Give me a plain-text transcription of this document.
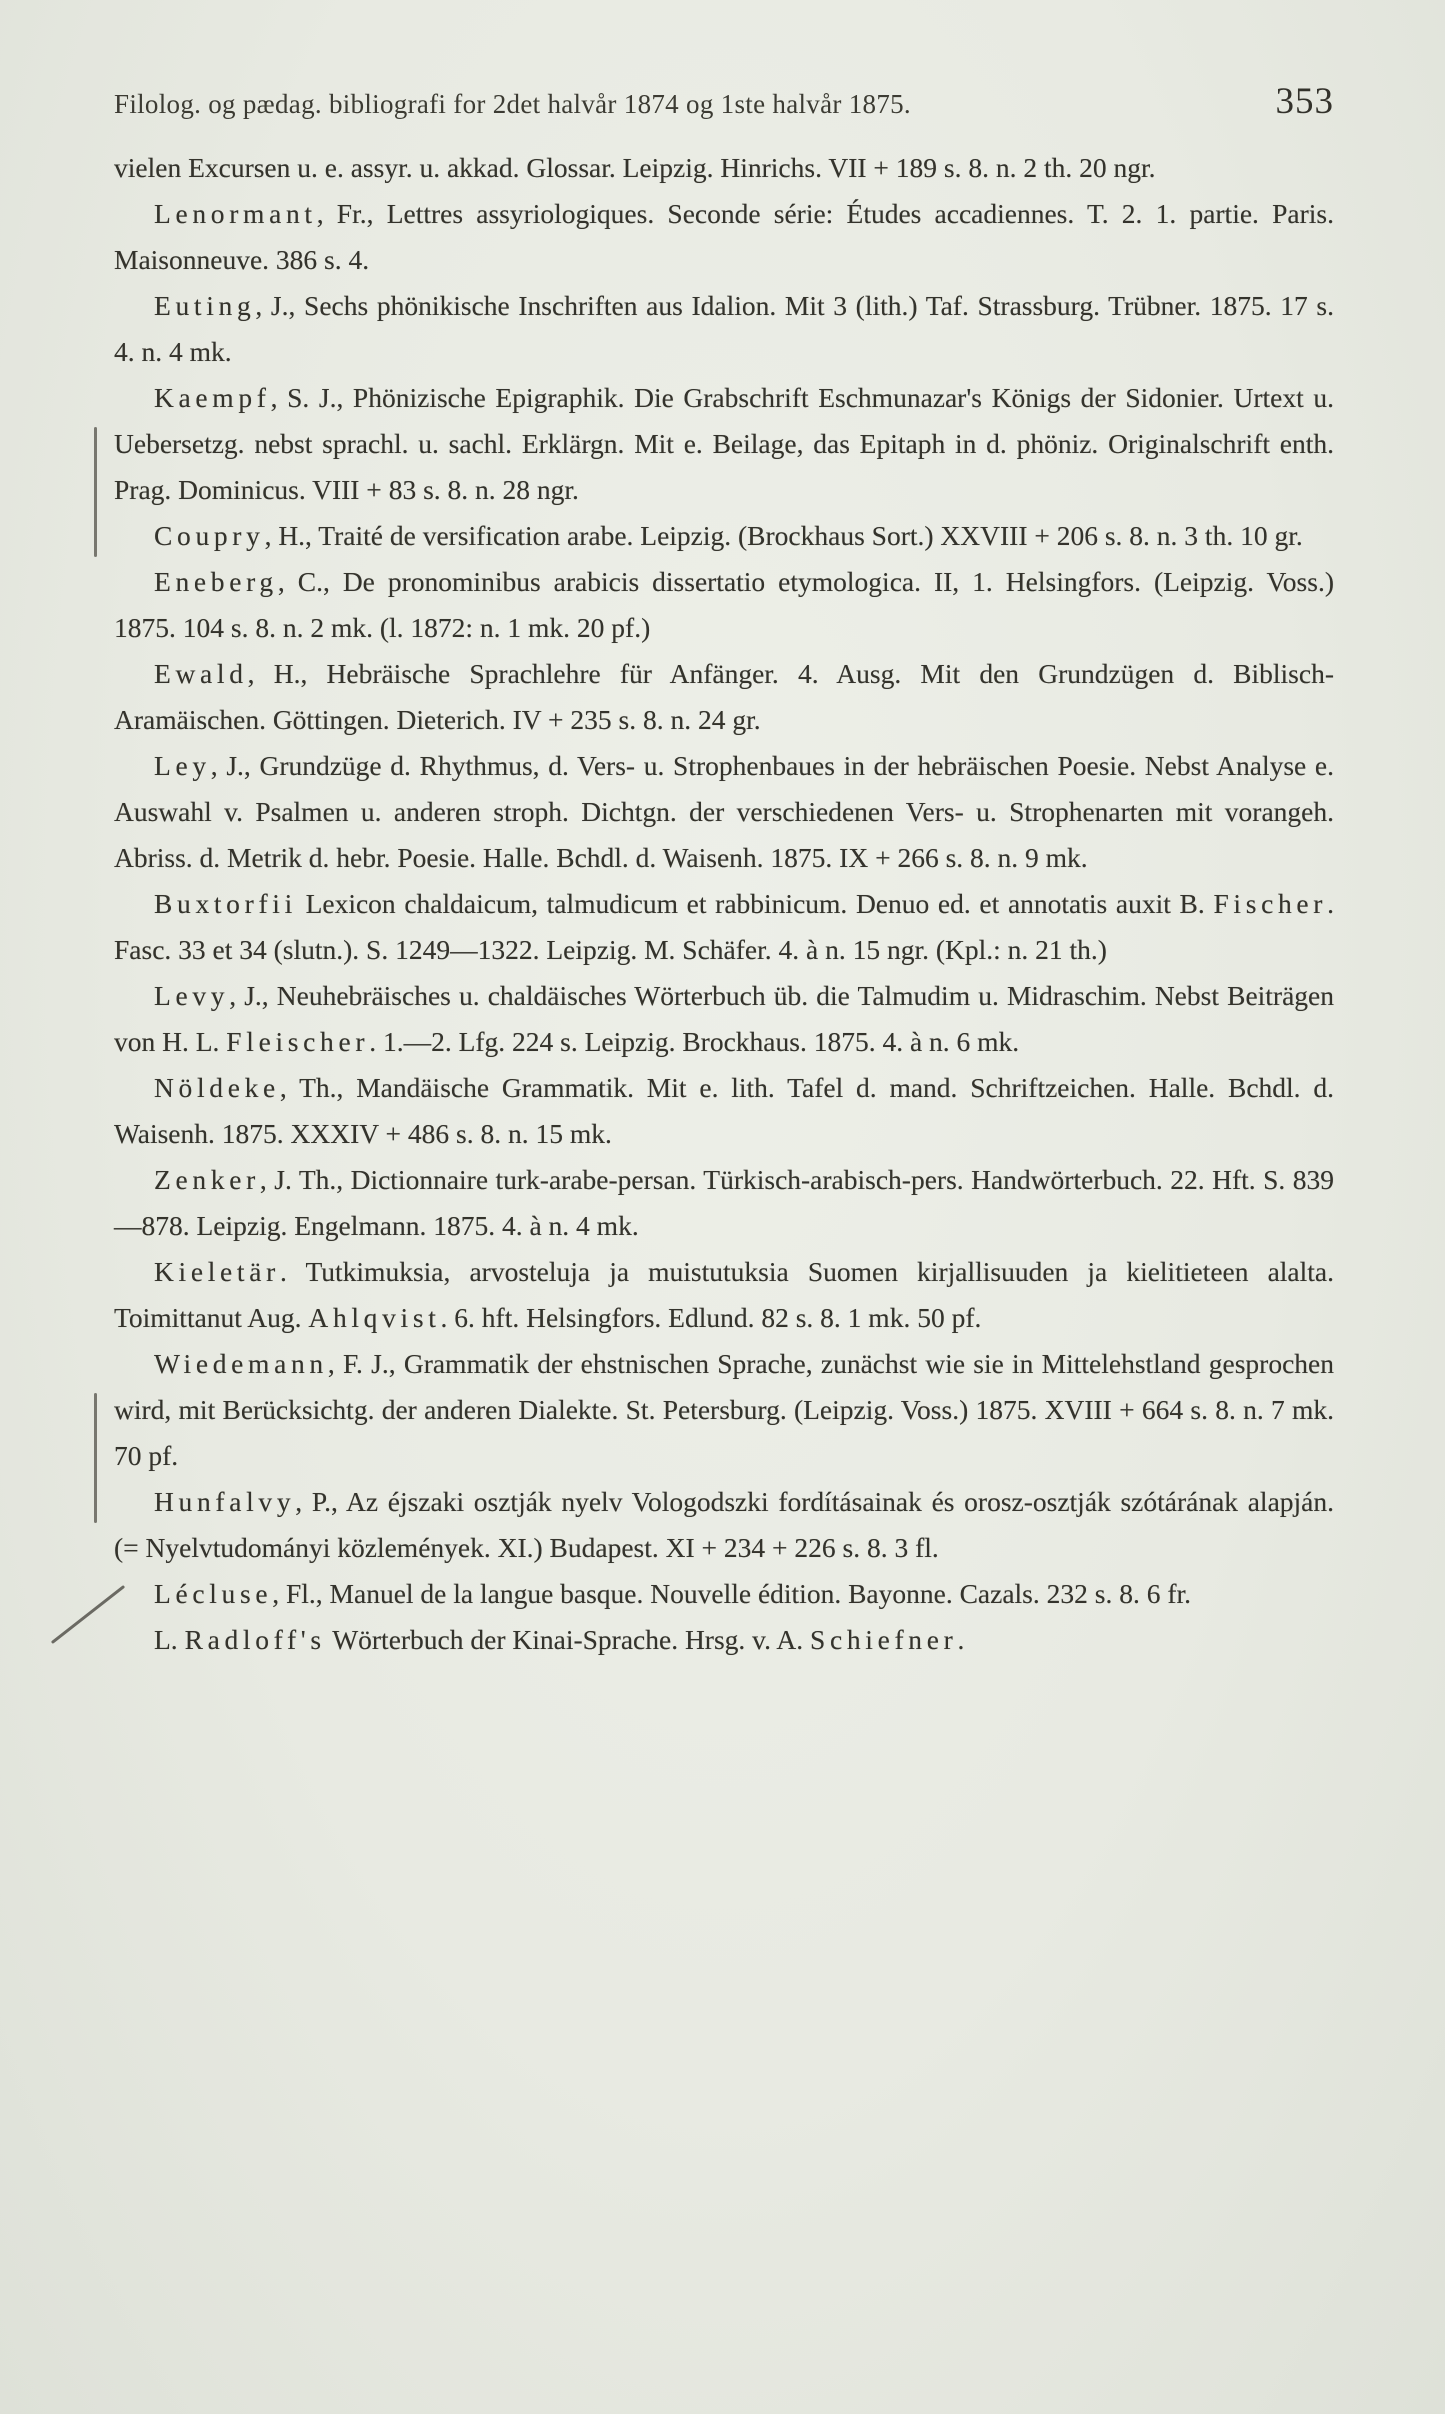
Filolog. og pædag. bibliografi for 2det halvår 1874 og 1ste halvår 1875.	353

vielen Excursen u. e. assyr. u. akkad. Glossar. Leipzig. Hinrichs. VII + 189 s. 8. n. 2 th. 20 ngr.

Lenormant, Fr., Lettres assyriologiques. Seconde série: Études accadiennes. T. 2. 1. partie. Paris. Maisonneuve. 386 s. 4.

Euting, J., Sechs phönikische Inschriften aus Idalion. Mit 3 (lith.) Taf. Strassburg. Trübner. 1875. 17 s. 4. n. 4 mk.

Kaempf, S. J., Phönizische Epigraphik. Die Grabschrift Eschmunazar's Königs der Sidonier. Urtext u. Uebersetzg. nebst sprachl. u. sachl. Erklärgn. Mit e. Beilage, das Epitaph in d. phöniz. Originalschrift enth. Prag. Dominicus. VIII + 83 s. 8. n. 28 ngr.

Coupry, H., Traité de versification arabe. Leipzig. (Brockhaus Sort.) XXVIII + 206 s. 8. n. 3 th. 10 gr.

Eneberg, C., De pronominibus arabicis dissertatio etymologica. II, 1. Helsingfors. (Leipzig. Voss.) 1875. 104 s. 8. n. 2 mk. (l. 1872: n. 1 mk. 20 pf.)

Ewald, H., Hebräische Sprachlehre für Anfänger. 4. Ausg. Mit den Grundzügen d. Biblisch-Aramäischen. Göttingen. Dieterich. IV + 235 s. 8. n. 24 gr.

Ley, J., Grundzüge d. Rhythmus, d. Vers- u. Strophenbaues in der hebräischen Poesie. Nebst Analyse e. Auswahl v. Psalmen u. anderen stroph. Dichtgn. der verschiedenen Vers- u. Strophenarten mit vorangeh. Abriss. d. Metrik d. hebr. Poesie. Halle. Bchdl. d. Waisenh. 1875. IX + 266 s. 8. n. 9 mk.

Buxtorfii Lexicon chaldaicum, talmudicum et rabbinicum. Denuo ed. et annotatis auxit B. Fischer. Fasc. 33 et 34 (slutn.). S. 1249—1322. Leipzig. M. Schäfer. 4. à n. 15 ngr. (Kpl.: n. 21 th.)

Levy, J., Neuhebräisches u. chaldäisches Wörterbuch üb. die Talmudim u. Midraschim. Nebst Beiträgen von H. L. Fleischer. 1.—2. Lfg. 224 s. Leipzig. Brockhaus. 1875. 4. à n. 6 mk.

Nöldeke, Th., Mandäische Grammatik. Mit e. lith. Tafel d. mand. Schriftzeichen. Halle. Bchdl. d. Waisenh. 1875. XXXIV + 486 s. 8. n. 15 mk.

Zenker, J. Th., Dictionnaire turk-arabe-persan. Türkisch-arabisch-pers. Handwörterbuch. 22. Hft. S. 839—878. Leipzig. Engelmann. 1875. 4. à n. 4 mk.

Kieletär. Tutkimuksia, arvosteluja ja muistutuksia Suomen kirjallisuuden ja kielitieteen alalta. Toimittanut Aug. Ahlqvist. 6. hft. Helsingfors. Edlund. 82 s. 8. 1 mk. 50 pf.

Wiedemann, F. J., Grammatik der ehstnischen Sprache, zunächst wie sie in Mittelehstland gesprochen wird, mit Berücksichtg. der anderen Dialekte. St. Petersburg. (Leipzig. Voss.) 1875. XVIII + 664 s. 8. n. 7 mk. 70 pf.

Hunfalvy, P., Az éjszaki osztják nyelv Vologodszki fordításainak és orosz-osztják szótárának alapján. (= Nyelvtudományi közlemények. XI.) Budapest. XI + 234 + 226 s. 8. 3 fl.

Lécluse, Fl., Manuel de la langue basque. Nouvelle édition. Bayonne. Cazals. 232 s. 8. 6 fr.

L. Radloff's Wörterbuch der Kinai-Sprache. Hrsg. v. A. Schiefner.
